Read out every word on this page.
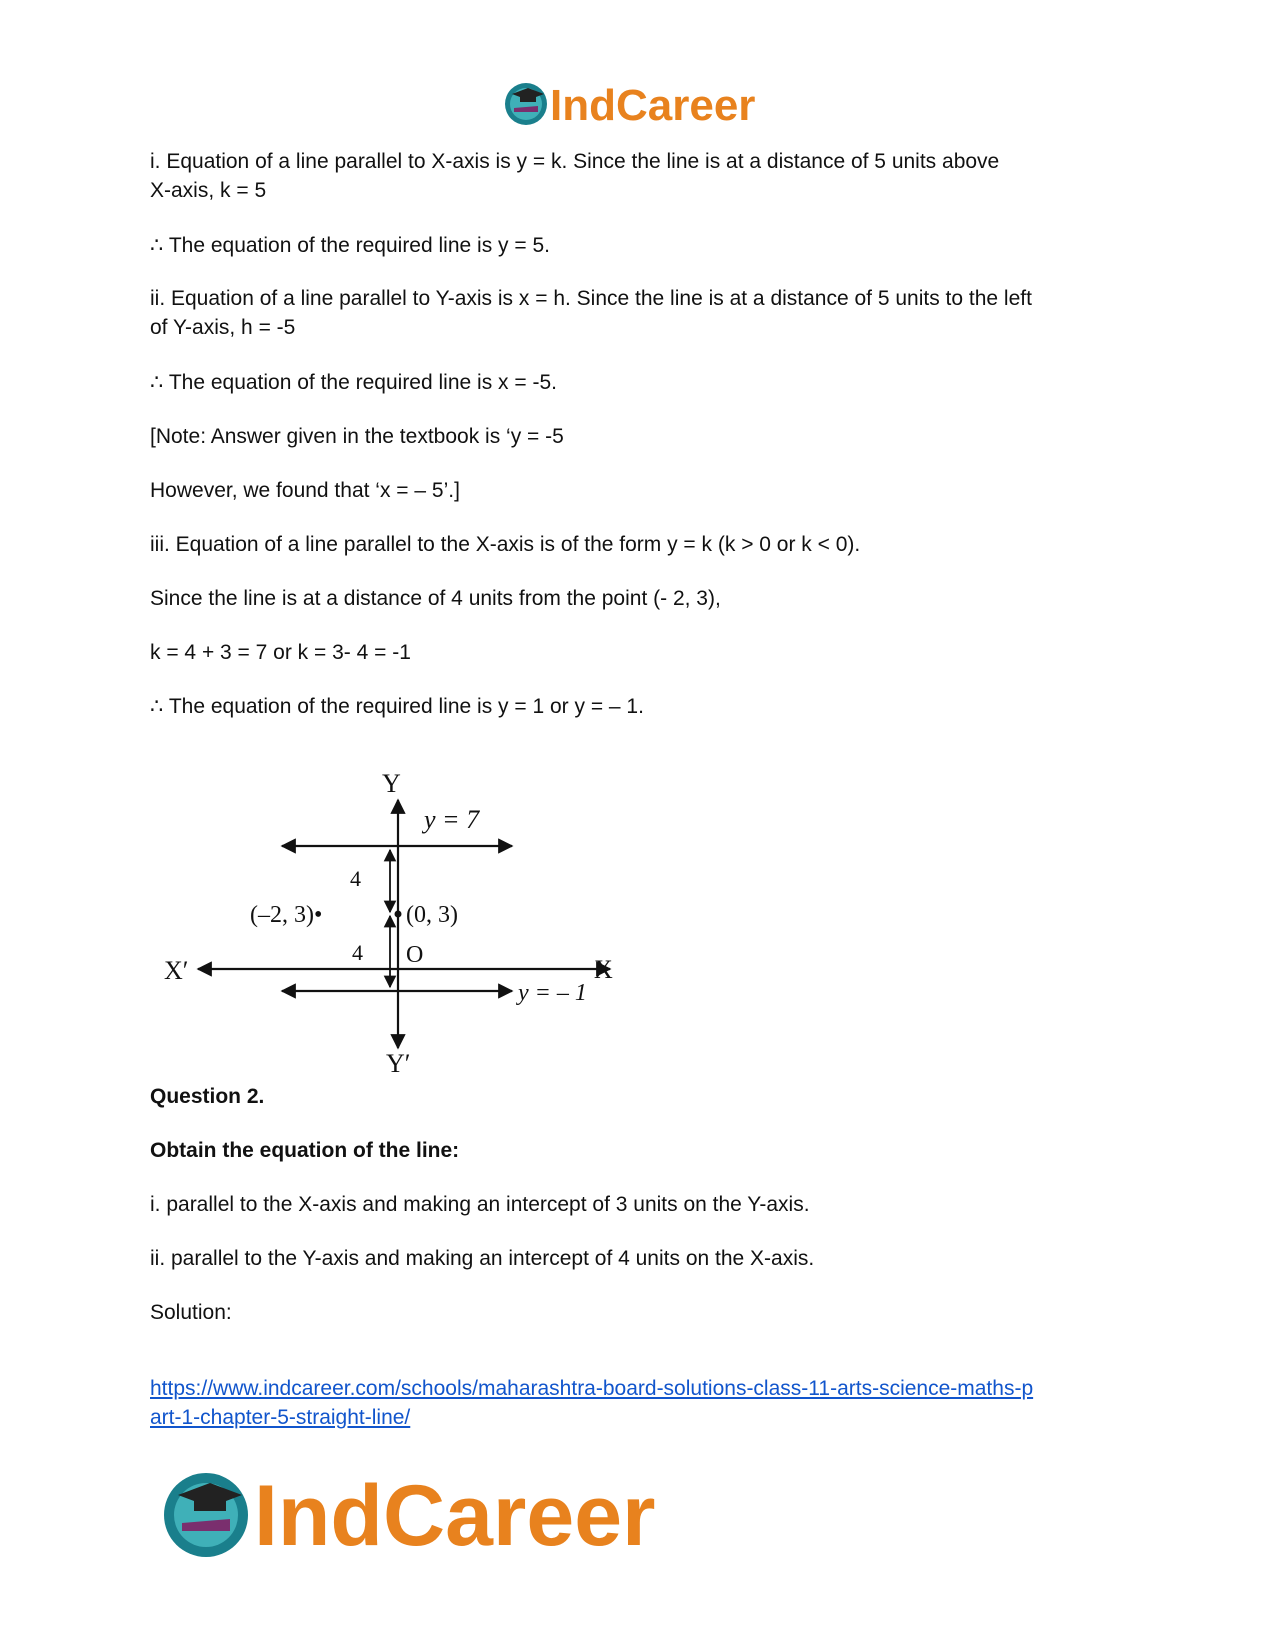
IndCareer
i. Equation of a line parallel to X-axis is y = k. Since the line is at a distance of 5 units above
X-axis, k = 5
∴ The equation of the required line is y = 5.
ii. Equation of a line parallel to Y-axis is x = h. Since the line is at a distance of 5 units to the left
of Y-axis, h = -5
∴ The equation of the required line is x = -5.
[Note: Answer given in the textbook is ‘y = -5
However, we found that ‘x = – 5’.]
iii. Equation of a line parallel to the X-axis is of the form y = k (k > 0 or k < 0).
Since the line is at a distance of 4 units from the point (- 2, 3),
k = 4 + 3 = 7 or k = 3- 4 = -1
∴ The equation of the required line is y = 1 or y = – 1.
Y
Y′
X
X′
O
y = 7
y = – 1
(–2, 3)•	(0, 3)
4
4
Question 2.
Obtain the equation of the line:
i. parallel to the X-axis and making an intercept of 3 units on the Y-axis.
ii. parallel to the Y-axis and making an intercept of 4 units on the X-axis.
Solution:
https://www.indcareer.com/schools/maharashtra-board-solutions-class-11-arts-science-maths-p
art-1-chapter-5-straight-line/
IndCareer
